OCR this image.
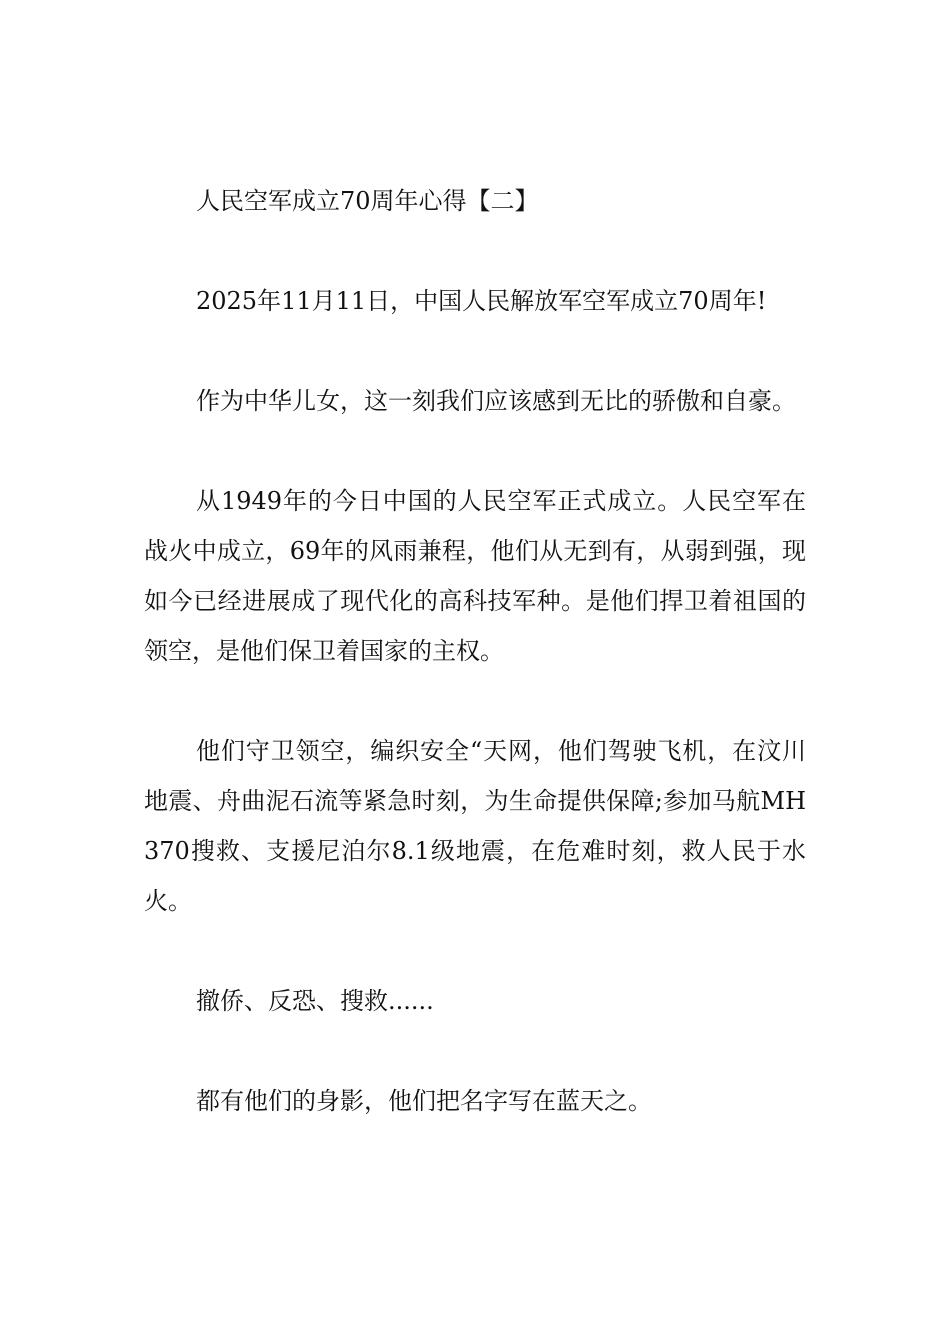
人民空军成立70周年心得【二】

2025年11月11日，中国人民解放军空军成立70周年!

作为中华儿女，这一刻我们应该感到无比的骄傲和自豪。

从1949年的今日中国的人民空军正式成立。人民空军在战火中成立，69年的风雨兼程，他们从无到有，从弱到强，现如今已经进展成了现代化的高科技军种。是他们捍卫着祖国的领空，是他们保卫着国家的主权。

他们守卫领空，编织安全“天网，他们驾驶飞机，在汶川地震、舟曲泥石流等紧急时刻，为生命提供保障;参加马航MH370搜救、支援尼泊尔8.1级地震，在危难时刻，救人民于水火。

撤侨、反恐、搜救......

都有他们的身影，他们把名字写在蓝天之。
